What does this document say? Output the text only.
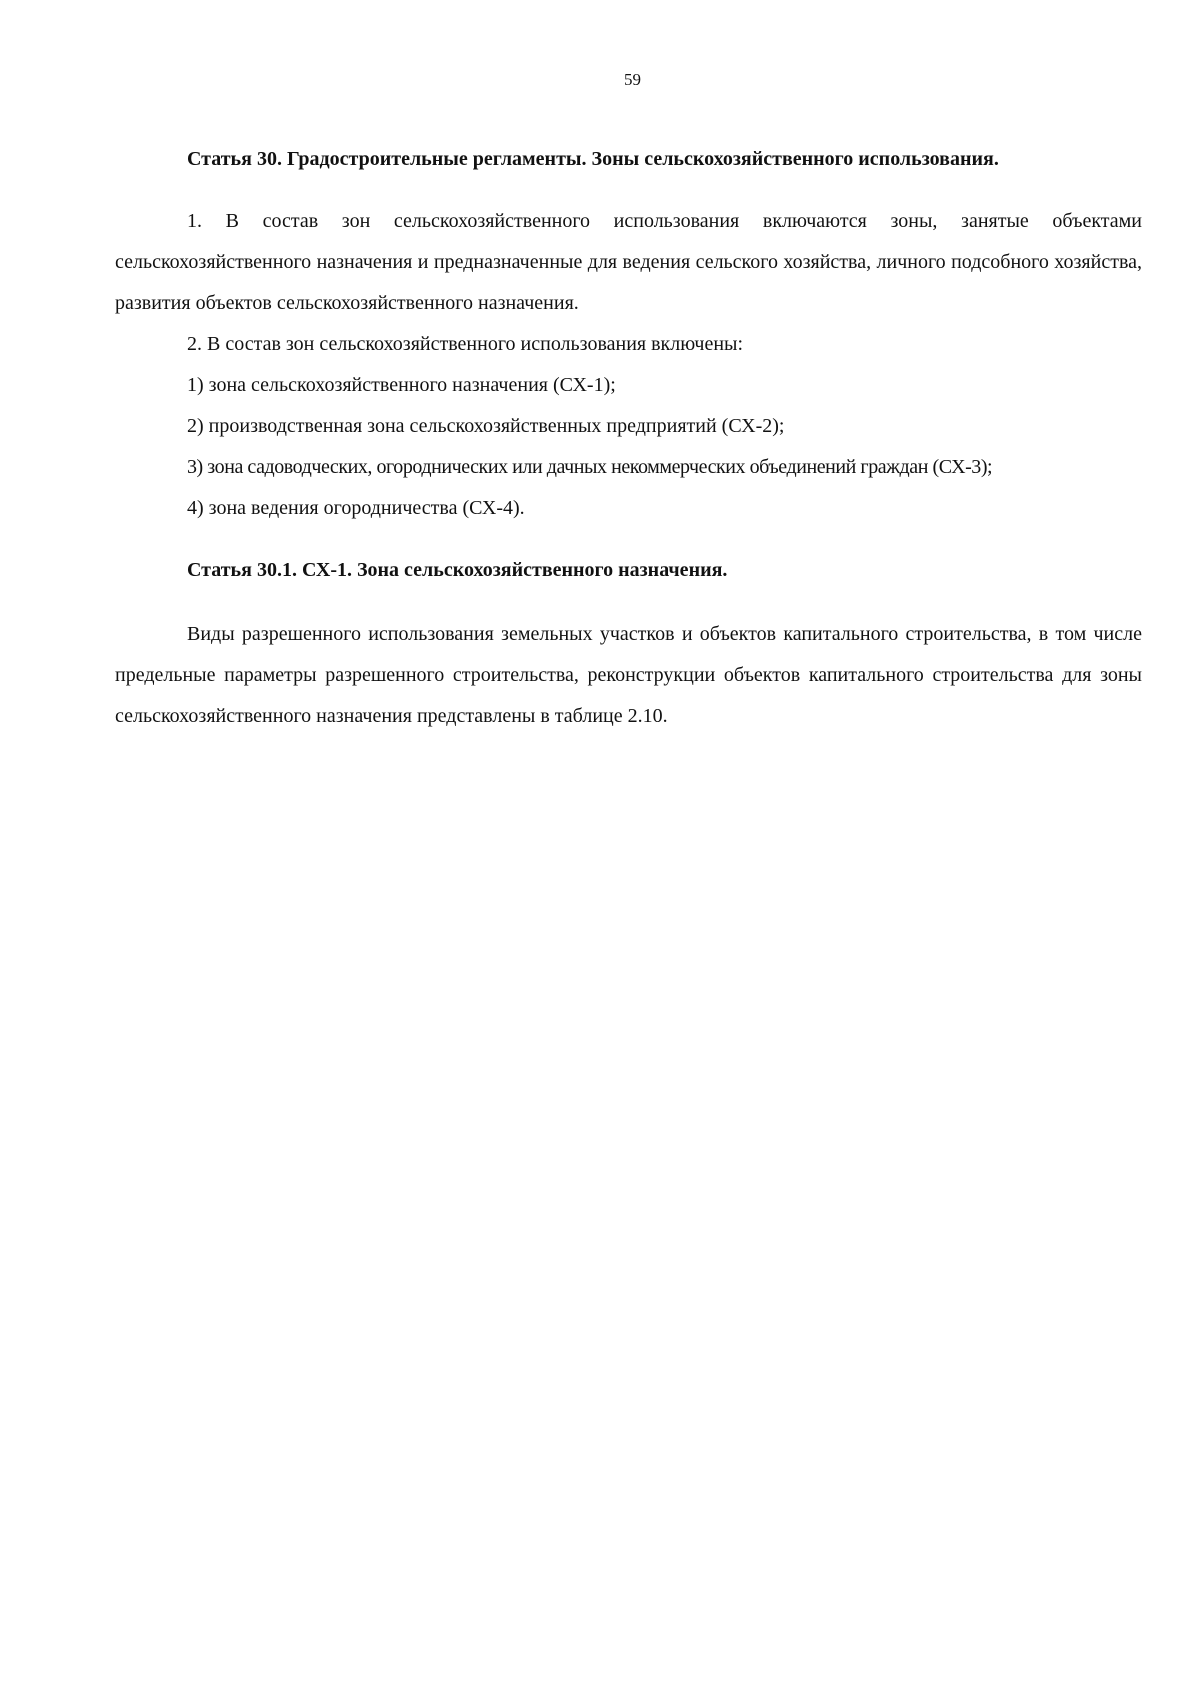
59

Статья 30. Градостроительные регламенты. Зоны сельскохозяйственного использования.

1. В состав зон сельскохозяйственного использования включаются зоны, занятые объектами сельскохозяйственного назначения и предназначенные для ведения сельского хозяйства, личного подсобного хозяйства, развития объектов сельскохозяйственного назначения.

2. В состав зон сельскохозяйственного использования включены:

1) зона сельскохозяйственного назначения (СХ-1);

2) производственная зона сельскохозяйственных предприятий (СХ-2);

3) зона садоводческих, огороднических или дачных некоммерческих объединений граждан (СХ-3);

4) зона ведения огородничества (СХ-4).

Статья 30.1. СХ-1. Зона сельскохозяйственного назначения.

Виды разрешенного использования земельных участков и объектов капитального строительства, в том числе предельные параметры разрешенного строительства, реконструкции объектов капитального строительства для зоны сельскохозяйственного назначения представлены в таблице 2.10.
